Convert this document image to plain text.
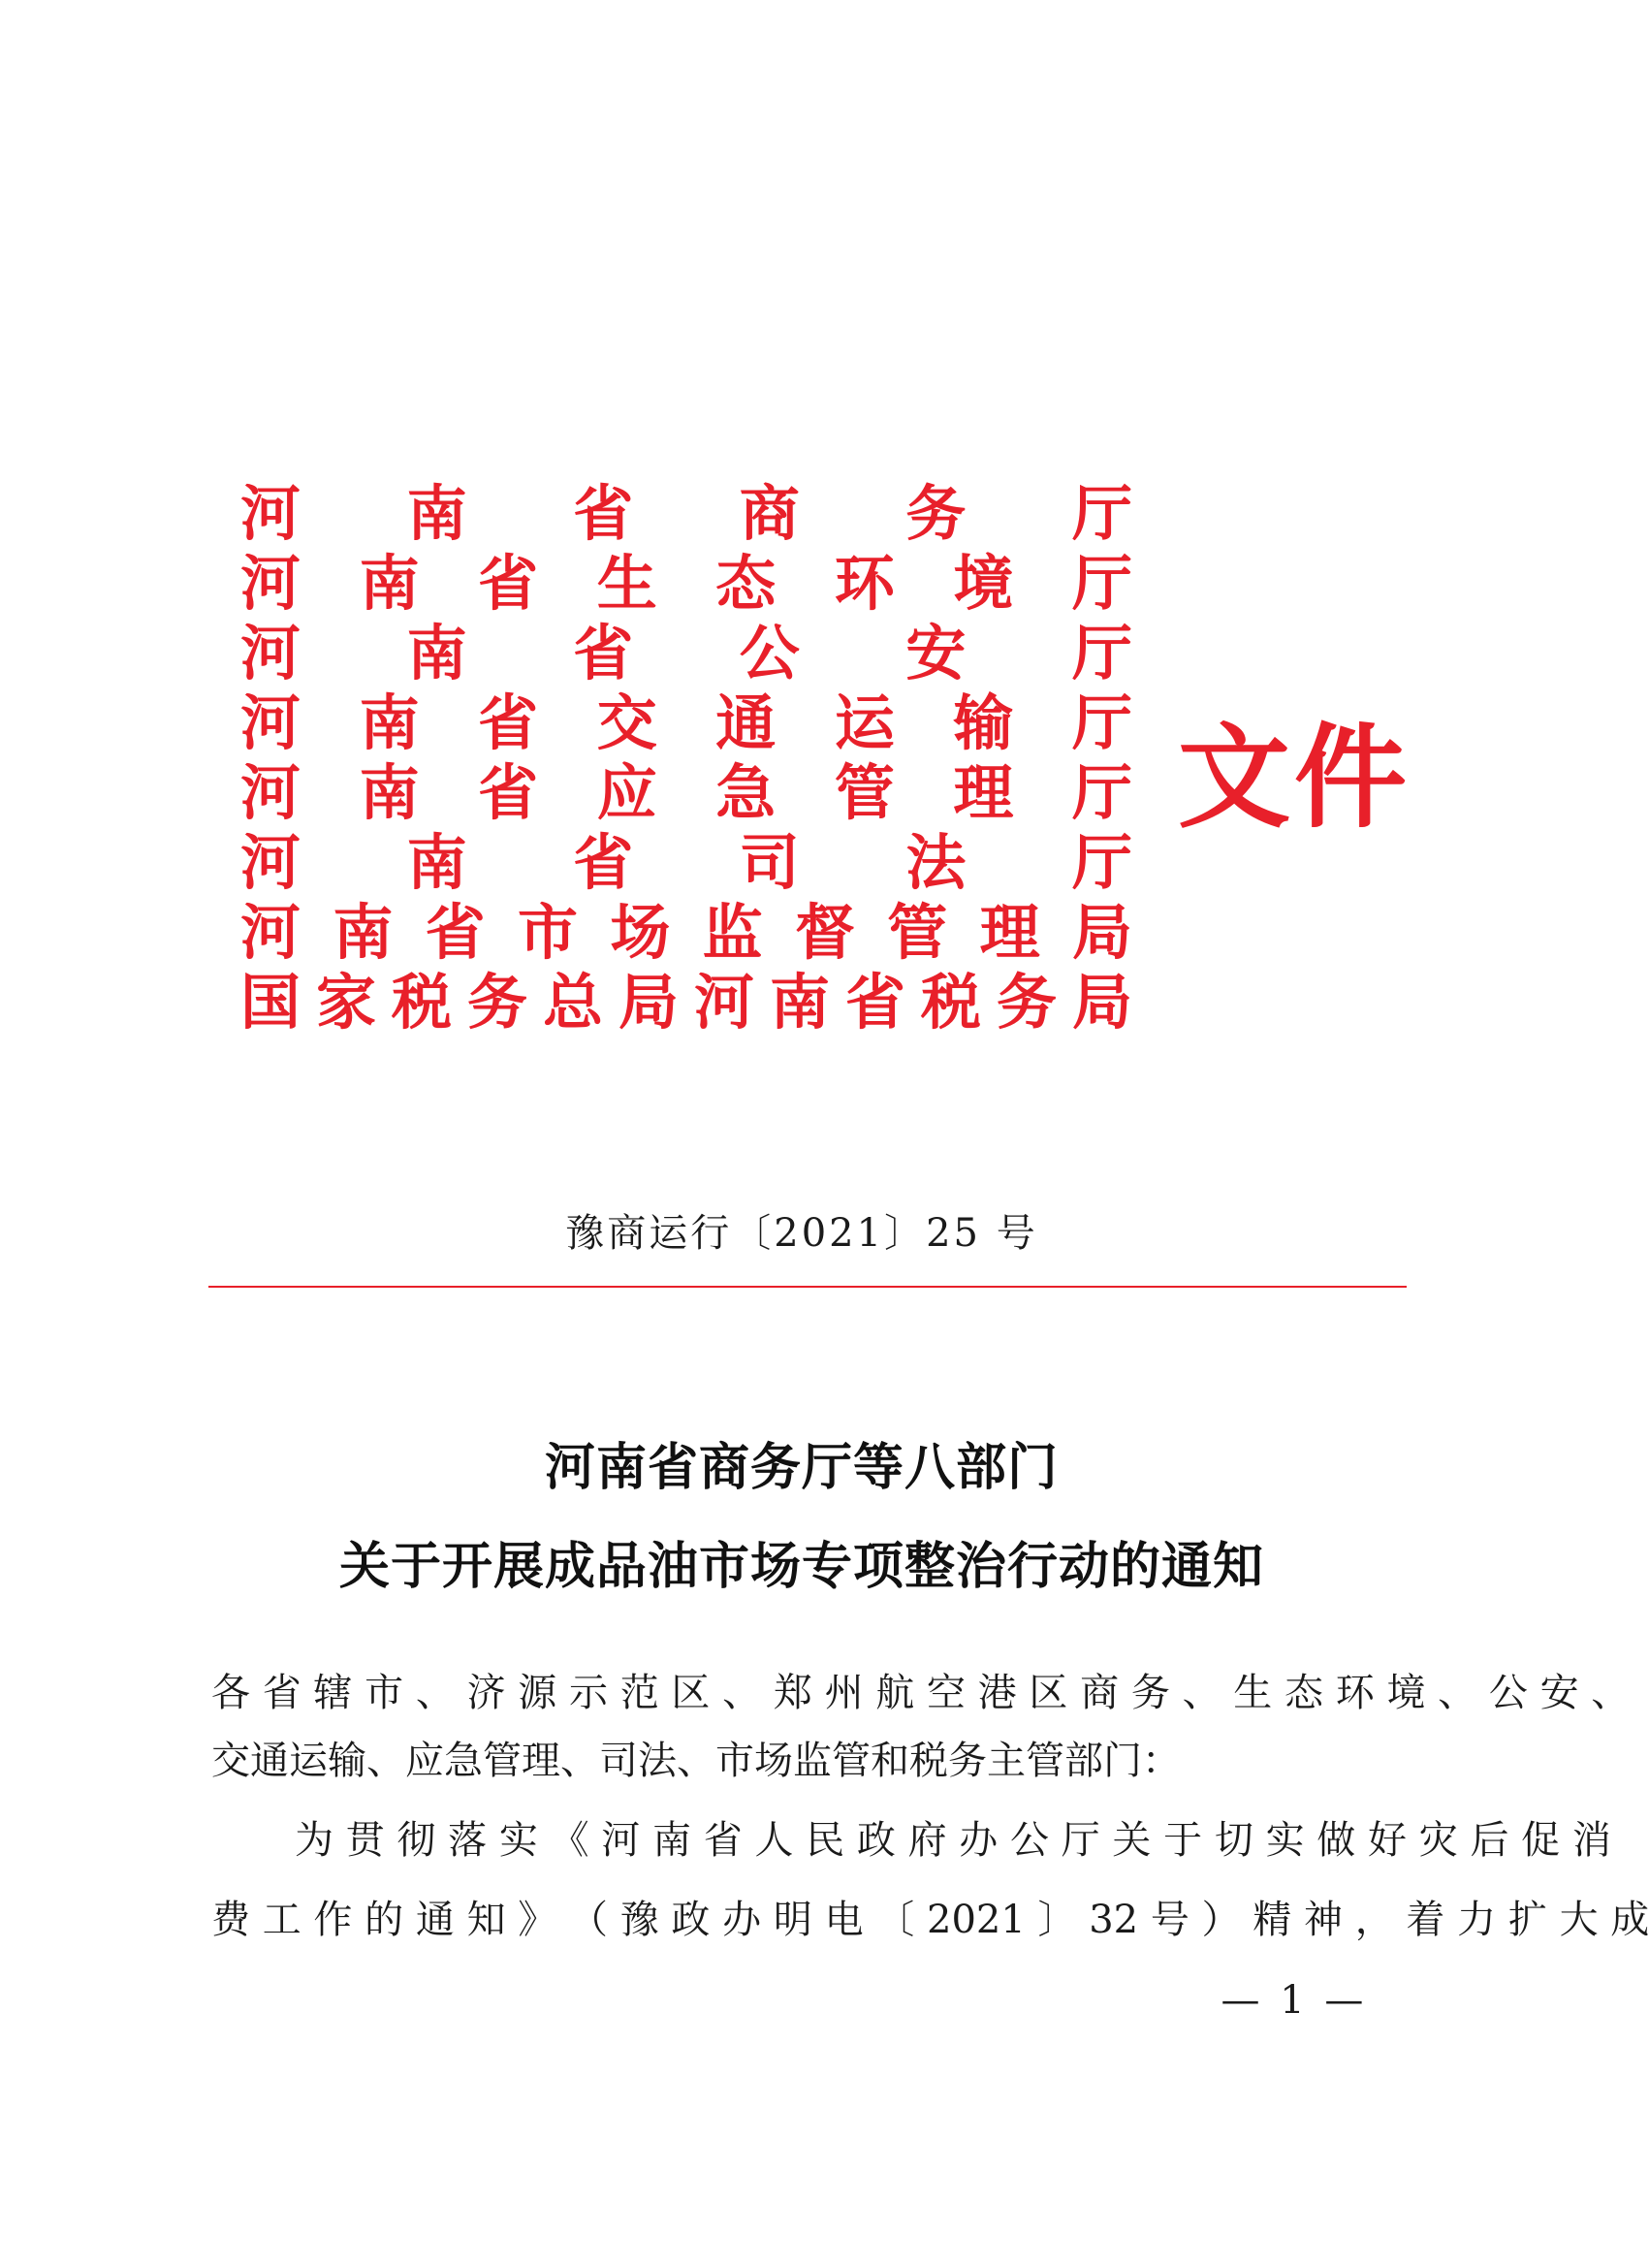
河 南 省 商 务 厅
河 南 省 生 态 环 境 厅
河 南 省 公 安 厅
河 南 省 交 通 运 输 厅
河 南 省 应 急 管 理 厅
河 南 省 司 法 厅
河 南 省 市 场 监 督 管 理 局
国 家 税 务 总 局 河 南 省 税 务 局
文件
豫商运行〔2021〕25 号
河南省商务厅等八部门
关于开展成品油市场专项整治行动的通知
各 省 辖 市 、 济 源 示 范 区 、 郑 州 航 空 港 区 商 务 、 生 态 环 境 、 公 安 、
交通运输、应急管理、司法、市场监管和税务主管部门：
为 贯 彻 落 实 《 河 南 省 人 民 政 府 办 公 厅 关 于 切 实 做 好 灾 后 促 消
费 工 作 的 通 知 》 （ 豫 政 办 明 电 〔 2021 〕 32 号 ） 精 神 ， 着 力 扩 大 成
— 1 —
